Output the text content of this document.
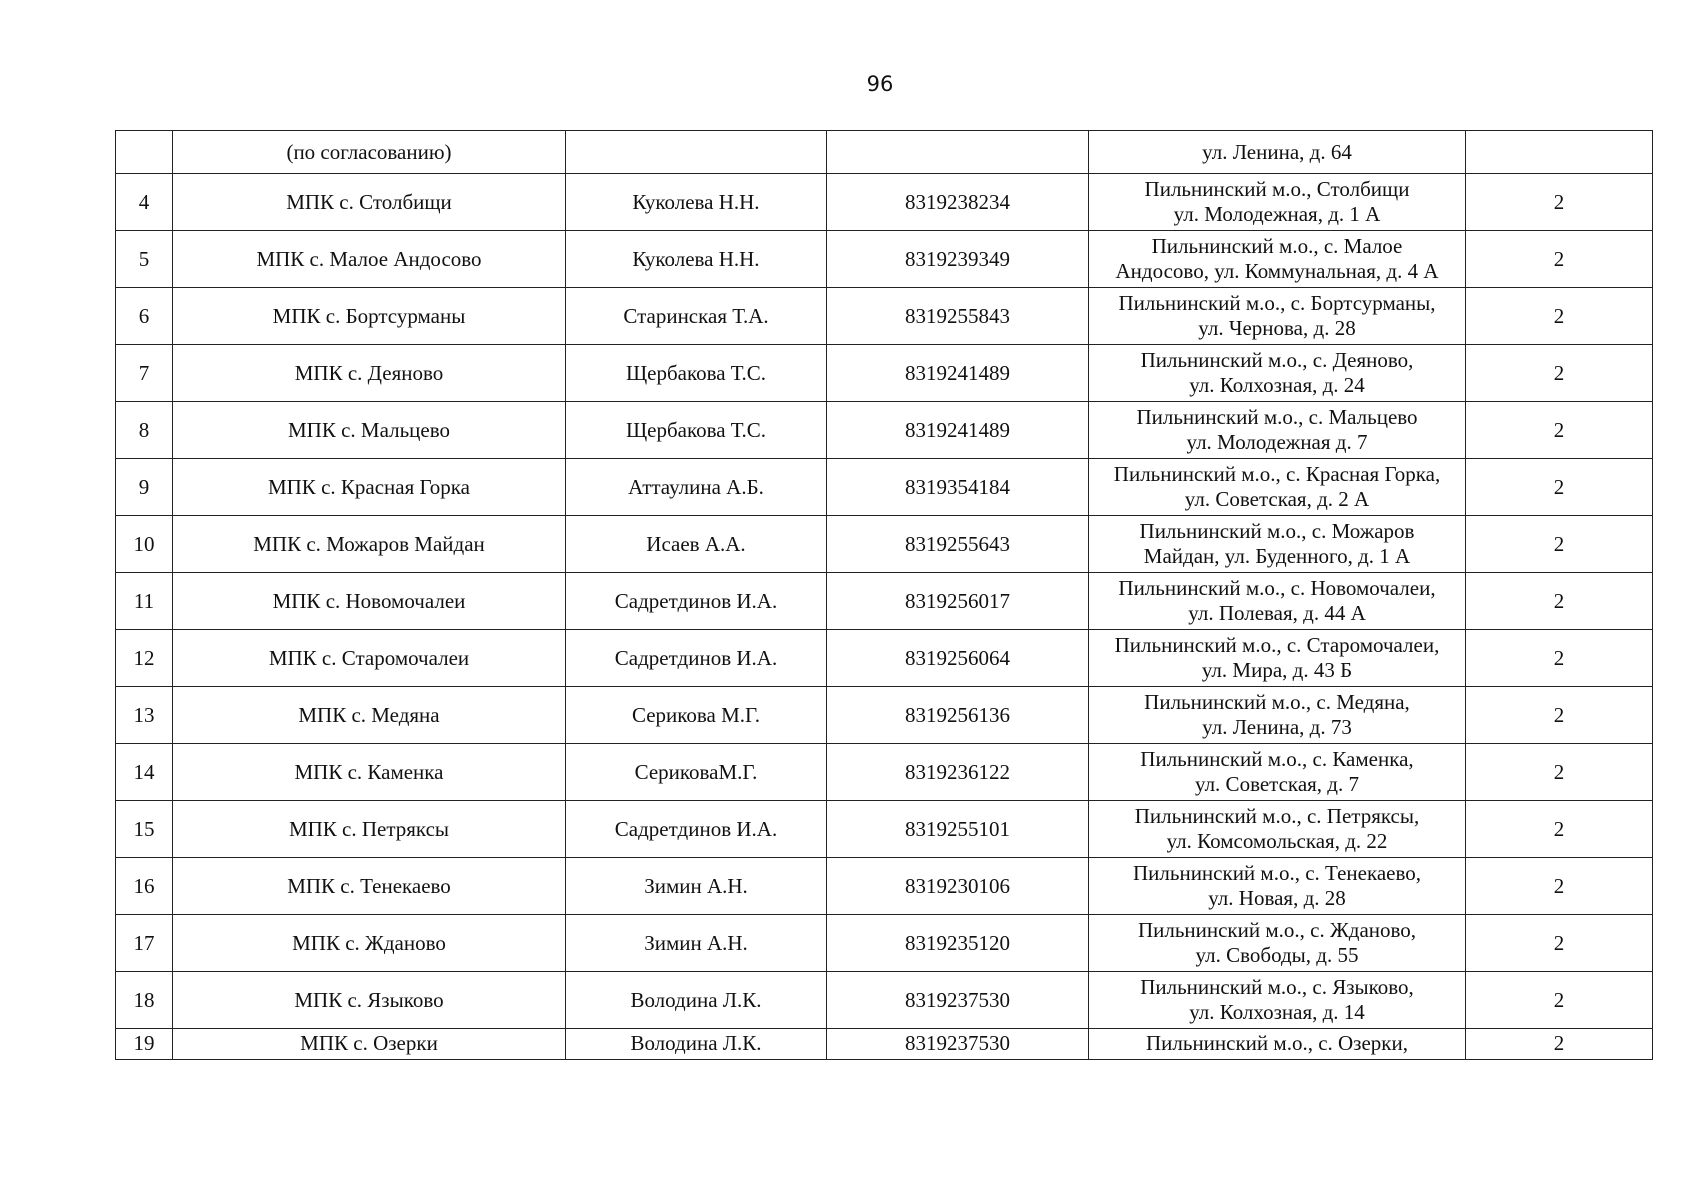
96
	(по согласованию)			ул. Ленина, д. 64	
4	МПК с. Столбищи	Куколева Н.Н.	8319238234	Пильнинский м.о., Столбищи
ул. Молодежная, д. 1 А	2
5	МПК с. Малое Андосово	Куколева Н.Н.	8319239349	Пильнинский м.о., с. Малое
Андосово, ул. Коммунальная, д. 4 А	2
6	МПК с. Бортсурманы	Старинская Т.А.	8319255843	Пильнинский м.о., с. Бортсурманы,
ул. Чернова, д. 28	2
7	МПК с. Деяново	Щербакова Т.С.	8319241489	Пильнинский м.о., с. Деяново,
ул. Колхозная, д. 24	2
8	МПК с. Мальцево	Щербакова Т.С.	8319241489	Пильнинский м.о., с. Мальцево
ул. Молодежная д. 7	2
9	МПК с. Красная Горка	Аттаулина А.Б.	8319354184	Пильнинский м.о., с. Красная Горка,
ул. Советская, д. 2 А	2
10	МПК с. Можаров Майдан	Исаев А.А.	8319255643	Пильнинский м.о., с. Можаров
Майдан, ул. Буденного, д. 1 А	2
11	МПК с. Новомочалеи	Садретдинов И.А.	8319256017	Пильнинский м.о., с. Новомочалеи,
ул. Полевая, д. 44 А	2
12	МПК с. Старомочалеи	Садретдинов И.А.	8319256064	Пильнинский м.о., с. Старомочалеи,
ул. Мира, д. 43 Б	2
13	МПК с. Медяна	Серикова М.Г.	8319256136	Пильнинский м.о., с. Медяна,
ул. Ленина, д. 73	2
14	МПК с. Каменка	СериковаМ.Г.	8319236122	Пильнинский м.о., с. Каменка,
ул. Советская, д. 7	2
15	МПК с. Петряксы	Садретдинов И.А.	8319255101	Пильнинский м.о., с. Петряксы,
ул. Комсомольская, д. 22	2
16	МПК с. Тенекаево	Зимин А.Н.	8319230106	Пильнинский м.о., с. Тенекаево,
ул. Новая, д. 28	2
17	МПК с. Жданово	Зимин А.Н.	8319235120	Пильнинский м.о., с. Жданово,
ул. Свободы, д. 55	2
18	МПК с. Языково	Володина Л.К.	8319237530	Пильнинский м.о., с. Языково,
ул. Колхозная, д. 14	2
19	МПК с. Озерки	Володина Л.К.	8319237530	Пильнинский м.о., с. Озерки,	2
